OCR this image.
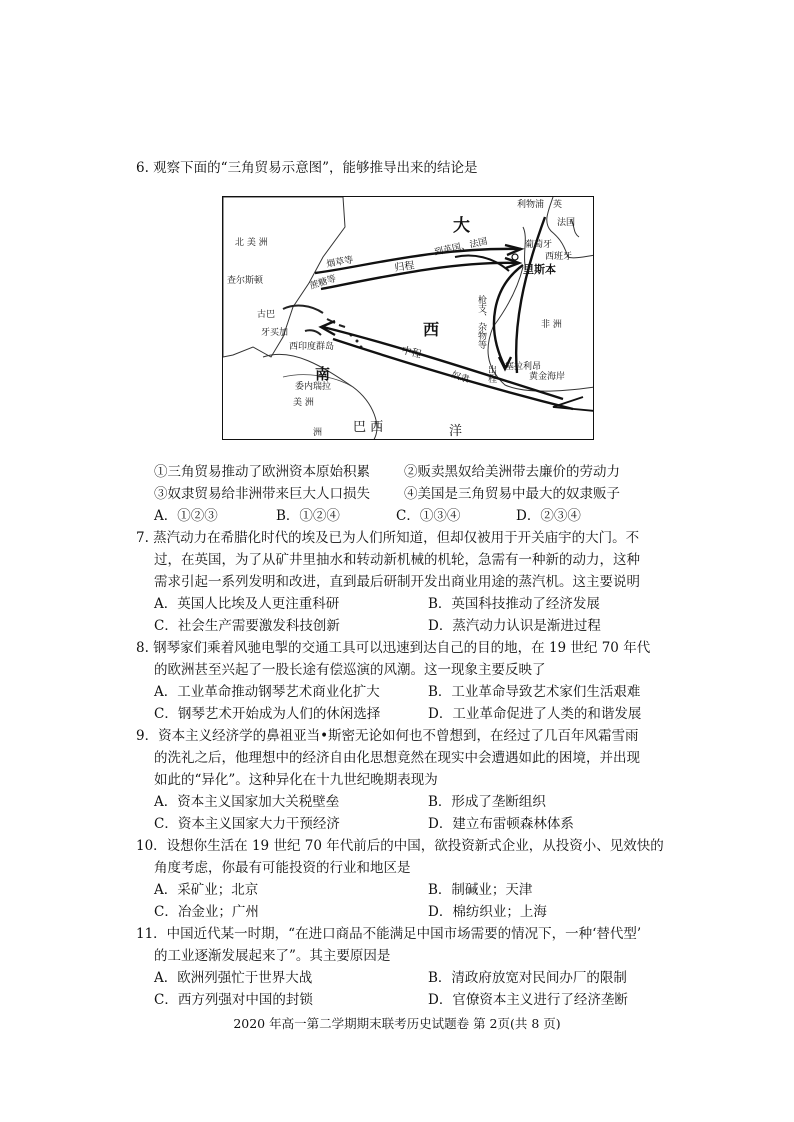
6. 观察下面的“三角贸易示意图”，能够推导出来的结论是
北 美 洲
查尔斯顿
古巴
牙买加
西印度群岛
南
委内瑞拉
美 洲
洲 巴 西
大
西
洋
烟草等
蔗糖等
归程
到英国、法国
利物浦 英
法国
葡萄牙
西班牙
里斯本
枪支、杂物等
出程
非 洲
塞拉利昂
黄金海岸
中程
奴隶
①三角贸易推动了欧洲资本原始积累	②贩卖黑奴给美洲带去廉价的劳动力
③奴隶贸易给非洲带来巨大人口损失	④美国是三角贸易中最大的奴隶贩子
A．①②③	B．①②④	C．①③④	D．②③④
7. 蒸汽动力在希腊化时代的埃及已为人们所知道，但却仅被用于开关庙宇的大门。不
过，在英国，为了从矿井里抽水和转动新机械的机轮，急需有一种新的动力，这种
需求引起一系列发明和改进，直到最后研制开发出商业用途的蒸汽机。这主要说明
A．英国人比埃及人更注重科研	B．英国科技推动了经济发展
C．社会生产需要激发科技创新	D．蒸汽动力认识是渐进过程
8. 钢琴家们乘着风驰电掣的交通工具可以迅速到达自己的目的地，在 19 世纪 70 年代
的欧洲甚至兴起了一股长途有偿巡演的风潮。这一现象主要反映了
A．工业革命推动钢琴艺术商业化扩大	B．工业革命导致艺术家们生活艰难
C．钢琴艺术开始成为人们的休闲选择	D．工业革命促进了人类的和谐发展
9．资本主义经济学的鼻祖亚当•斯密无论如何也不曾想到，在经过了几百年风霜雪雨
的洗礼之后，他理想中的经济自由化思想竟然在现实中会遭遇如此的困境，并出现
如此的“异化”。这种异化在十九世纪晚期表现为
A．资本主义国家加大关税壁垒	B．形成了垄断组织
C．资本主义国家大力干预经济	D．建立布雷顿森林体系
10．设想你生活在 19 世纪 70 年代前后的中国，欲投资新式企业，从投资小、见效快的
角度考虑，你最有可能投资的行业和地区是
A．采矿业；北京	B．制碱业；天津
C．冶金业；广州	D．棉纺织业；上海
11．中国近代某一时期，“在进口商品不能满足中国市场需要的情况下，一种‘替代型’
的工业逐渐发展起来了”。其主要原因是
A．欧洲列强忙于世界大战	B．清政府放宽对民间办厂的限制
C．西方列强对中国的封锁	D．官僚资本主义进行了经济垄断
2020 年高一第二学期期末联考历史试题卷 第 2页(共 8 页)
